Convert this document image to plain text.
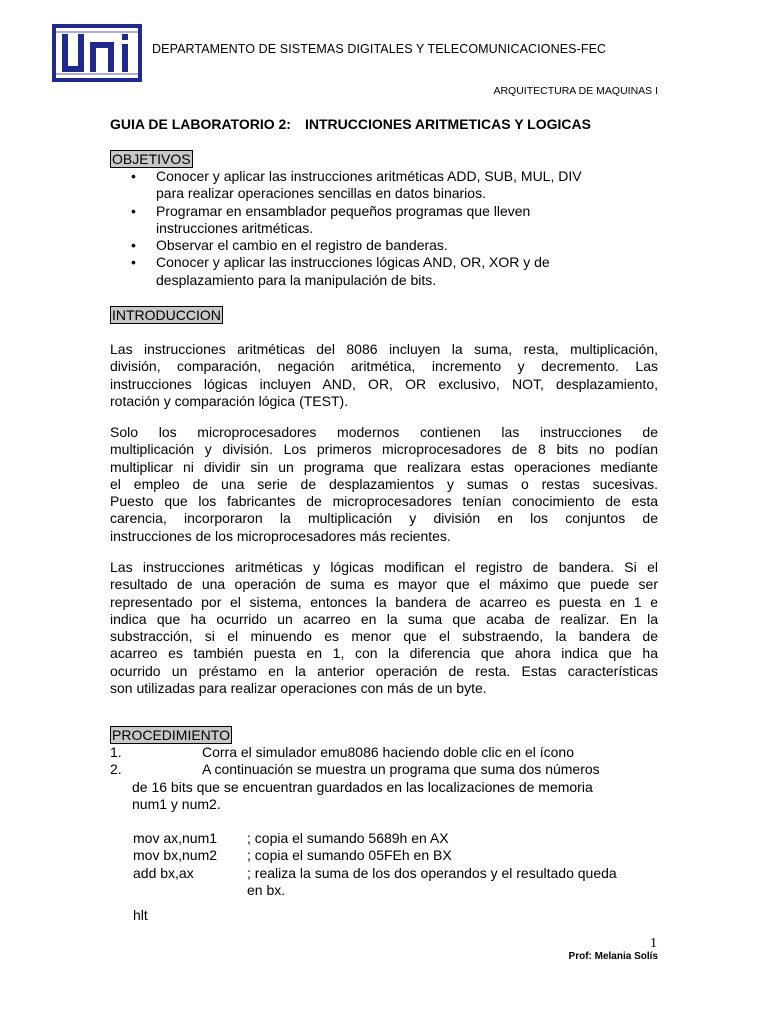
DEPARTAMENTO DE SISTEMAS DIGITALES Y TELECOMUNICACIONES-FEC
ARQUITECTURA DE MAQUINAS I
GUIA DE LABORATORIO 2: INTRUCCIONES ARITMETICAS Y LOGICAS
OBJETIVOS
• Conocer y aplicar las instrucciones aritméticas ADD, SUB, MUL, DIV
para realizar operaciones sencillas en datos binarios.
• Programar en ensamblador pequeños programas que lleven
instrucciones aritméticas.
• Observar el cambio en el registro de banderas.
• Conocer y aplicar las instrucciones lógicas AND, OR, XOR y de
desplazamiento para la manipulación de bits.
INTRODUCCION
Las instrucciones aritméticas del 8086 incluyen la suma, resta, multiplicación,
división, comparación, negación aritmética, incremento y decremento. Las
instrucciones lógicas incluyen AND, OR, OR exclusivo, NOT, desplazamiento,
rotación y comparación lógica (TEST).
Solo los microprocesadores modernos contienen las instrucciones de
multiplicación y división. Los primeros microprocesadores de 8 bits no podían
multiplicar ni dividir sin un programa que realizara estas operaciones mediante
el empleo de una serie de desplazamientos y sumas o restas sucesivas.
Puesto que los fabricantes de microprocesadores tenían conocimiento de esta
carencia, incorporaron la multiplicación y división en los conjuntos de
instrucciones de los microprocesadores más recientes.
Las instrucciones aritméticas y lógicas modifican el registro de bandera. Si el
resultado de una operación de suma es mayor que el máximo que puede ser
representado por el sistema, entonces la bandera de acarreo es puesta en 1 e
indica que ha ocurrido un acarreo en la suma que acaba de realizar. En la
substracción, si el minuendo es menor que el substraendo, la bandera de
acarreo es también puesta en 1, con la diferencia que ahora indica que ha
ocurrido un préstamo en la anterior operación de resta. Estas características
son utilizadas para realizar operaciones con más de un byte.
PROCEDIMIENTO
1.	Corra el simulador emu8086 haciendo doble clic en el ícono
2.	A continuación se muestra un programa que suma dos números
de 16 bits que se encuentran guardados en las localizaciones de memoria
num1 y num2.
mov ax,num1 ; copia el sumando 5689h en AX
mov bx,num2 ; copia el sumando 05FEh en BX
add bx,ax	; realiza la suma de los dos operandos y el resultado queda
en bx.
hlt
1
Prof: Melania Solís
